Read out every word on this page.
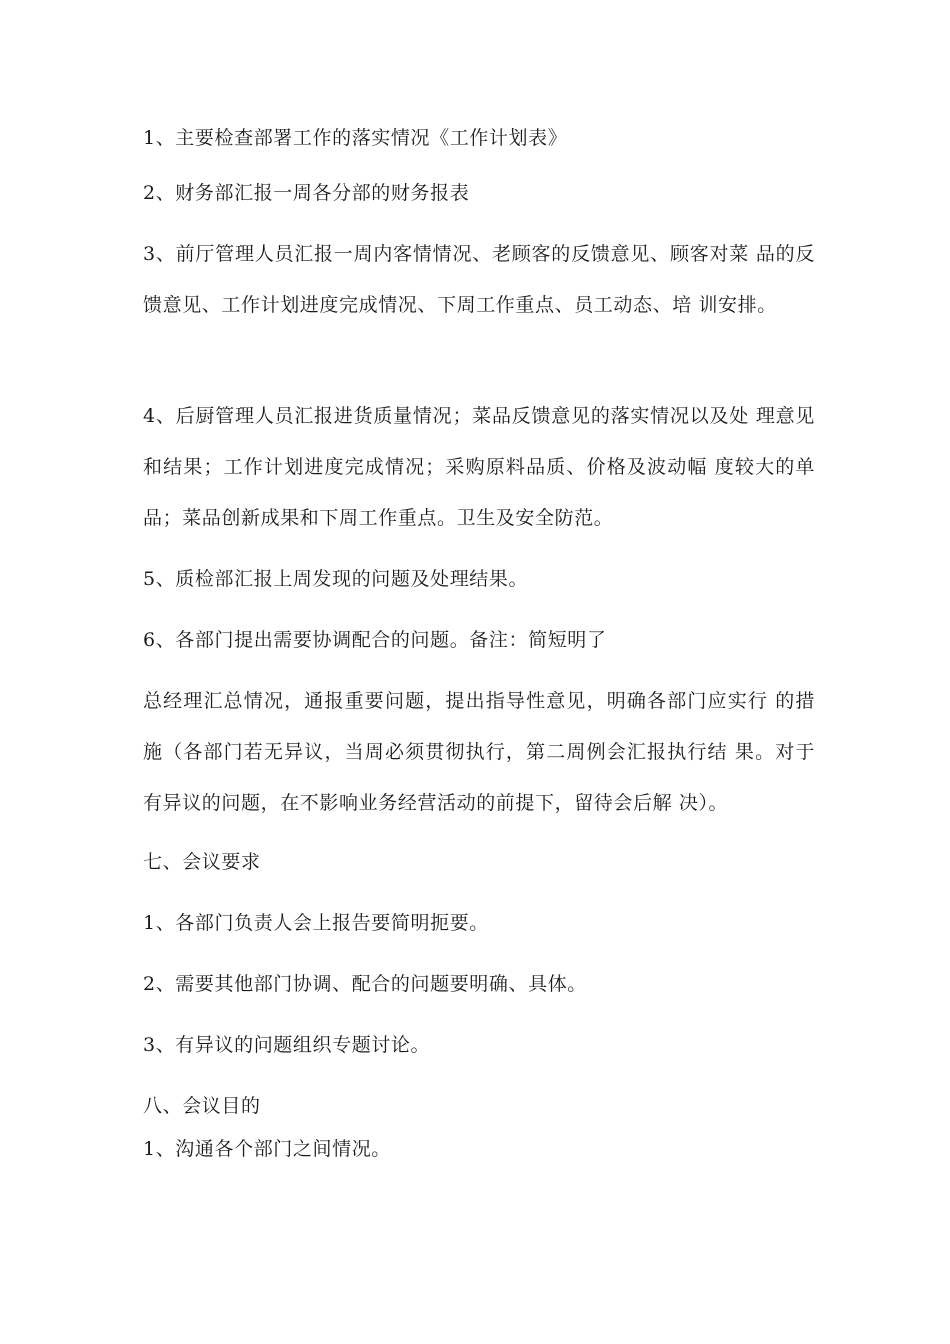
1、主要检查部署工作的落实情况《工作计划表》

2、财务部汇报一周各分部的财务报表

3、前厅管理人员汇报一周内客情情况、老顾客的反馈意见、顾客对菜 品的反馈意见、工作计划进度完成情况、下周工作重点、员工动态、培 训安排。

4、后厨管理人员汇报进货质量情况；菜品反馈意见的落实情况以及处 理意见和结果；工作计划进度完成情况；采购原料品质、价格及波动幅 度较大的单品；菜品创新成果和下周工作重点。卫生及安全防范。

5、质检部汇报上周发现的问题及处理结果。

6、各部门提出需要协调配合的问题。备注：简短明了

总经理汇总情况，通报重要问题，提出指导性意见，明确各部门应实行 的措施（各部门若无异议，当周必须贯彻执行，第二周例会汇报执行结 果。对于有异议的问题，在不影响业务经营活动的前提下，留待会后解 决）。

七、会议要求

1、各部门负责人会上报告要简明扼要。

2、需要其他部门协调、配合的问题要明确、具体。

3、有异议的问题组织专题讨论。

八、会议目的

1、沟通各个部门之间情况。
